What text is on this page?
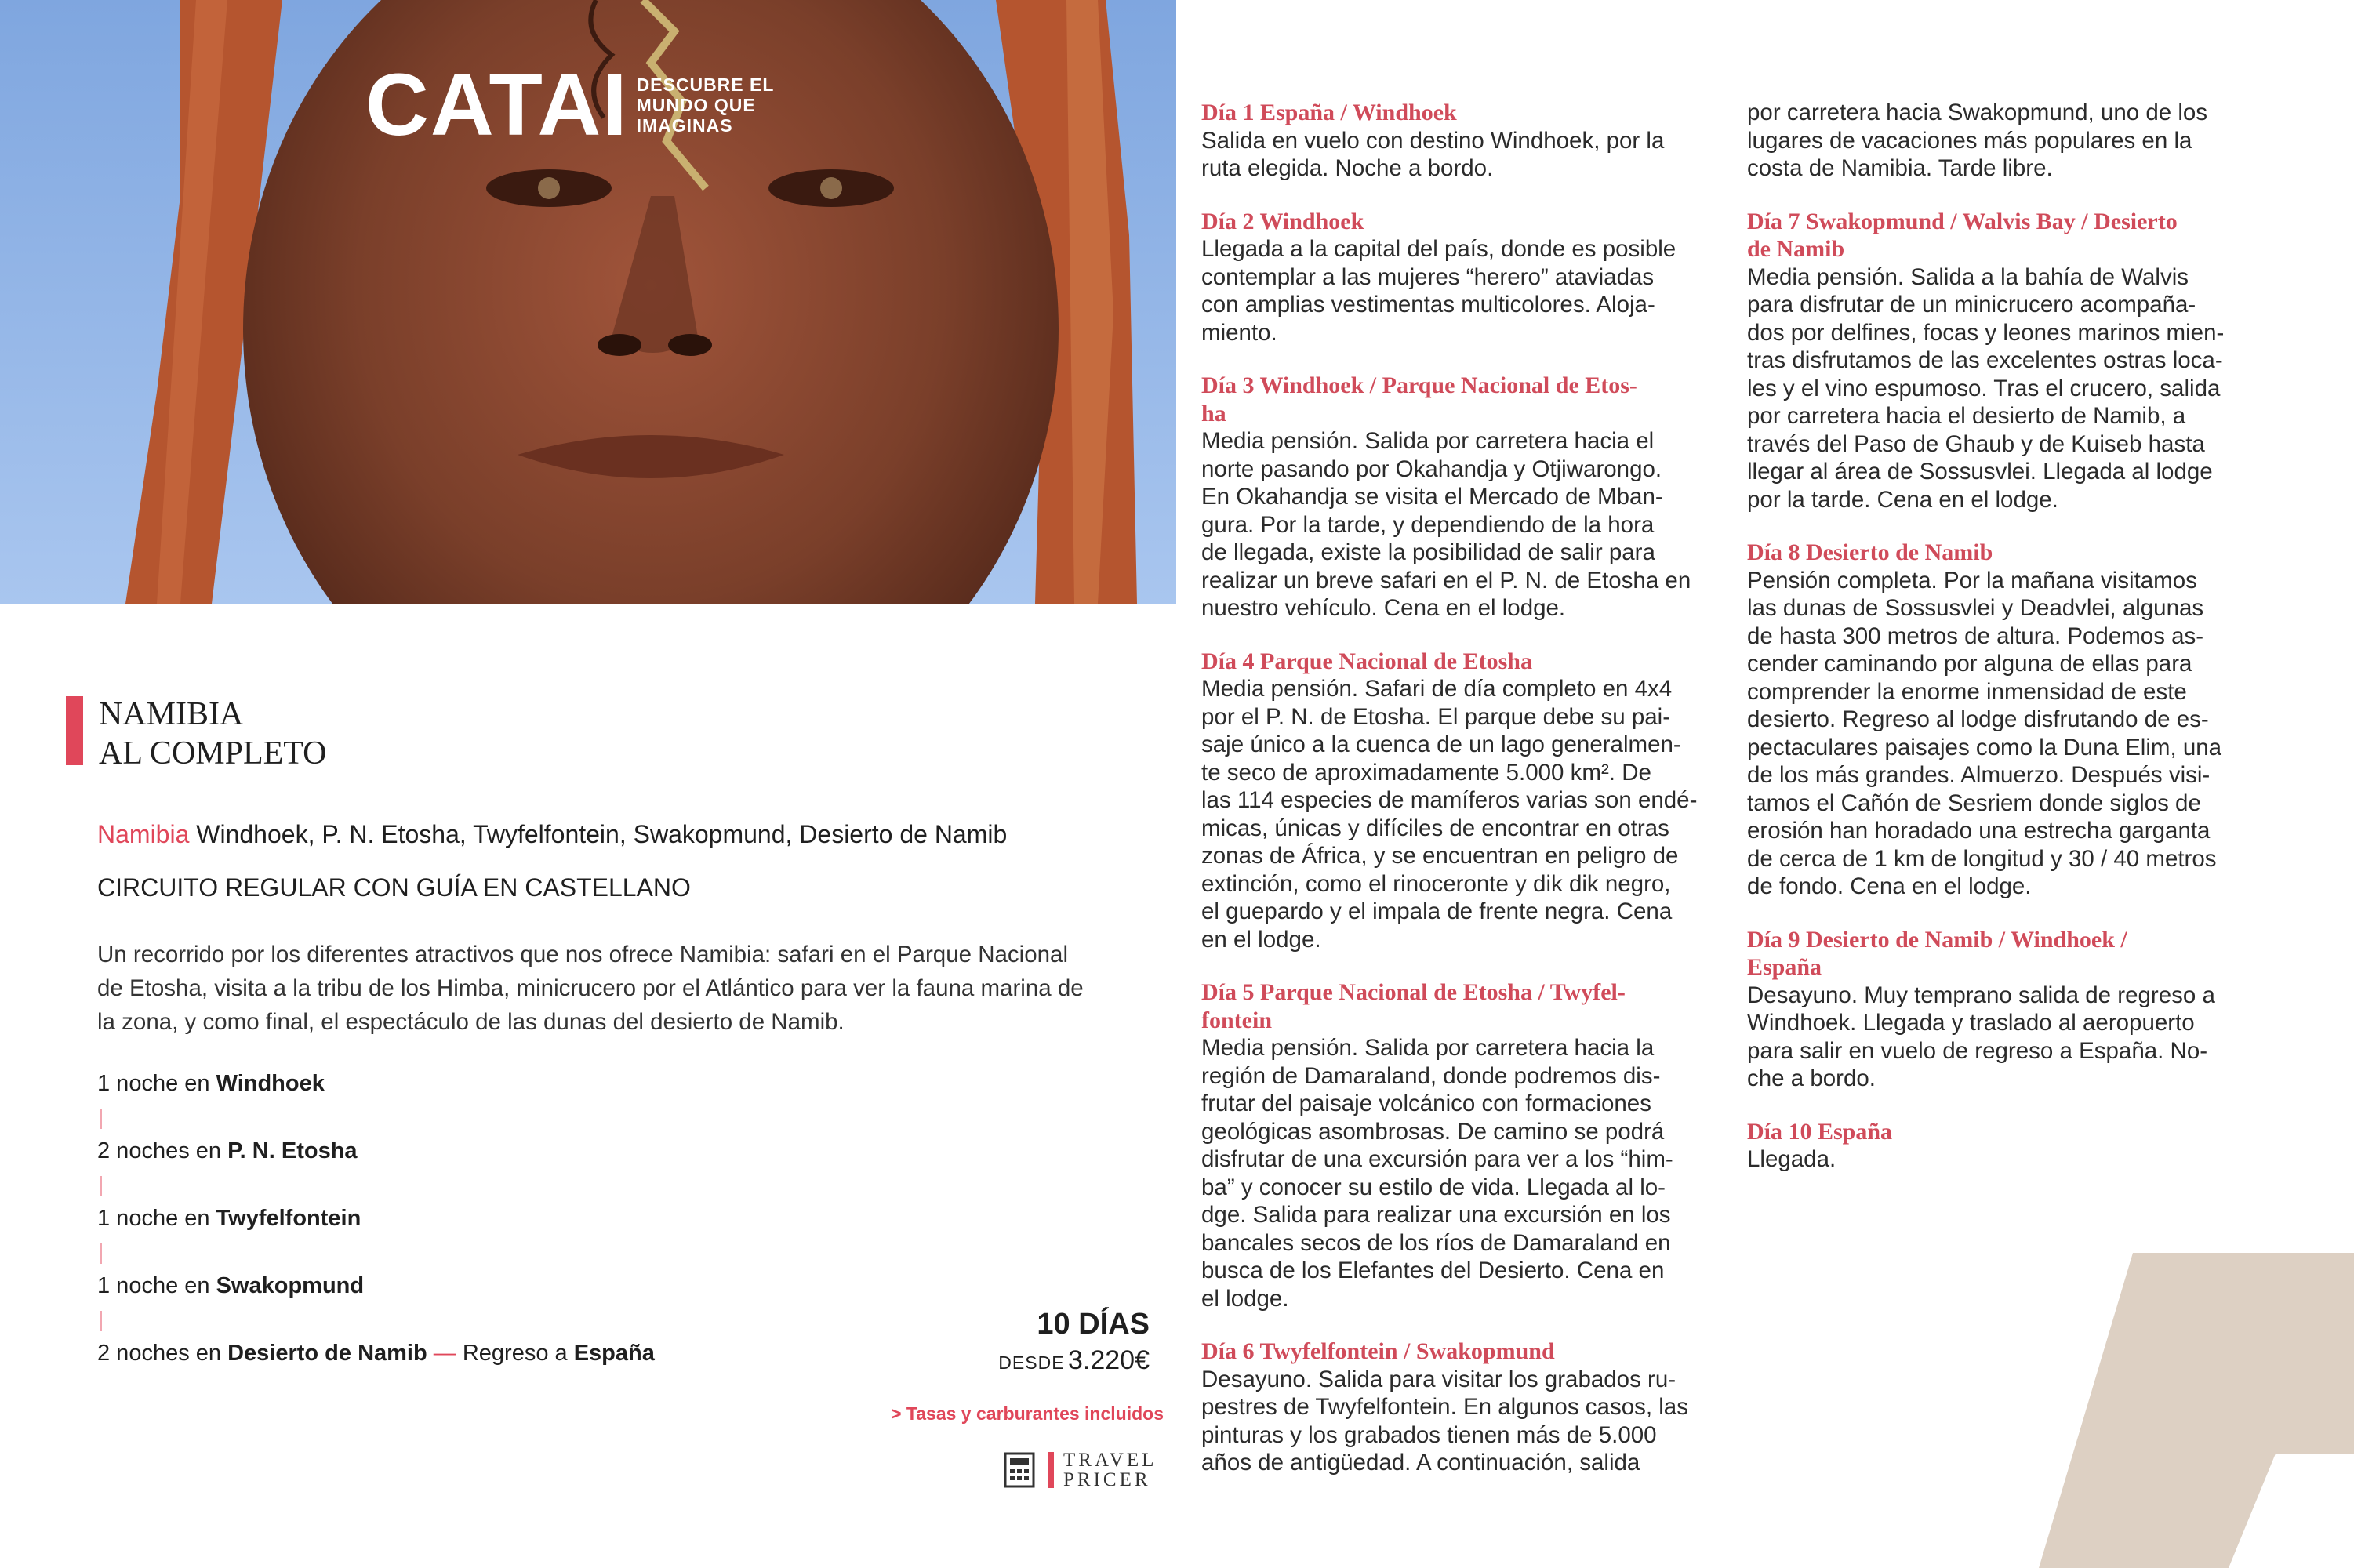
CATAI DESCUBRE EL
MUNDO QUE
IMAGINAS
NAMIBIA
AL COMPLETO
Namibia Windhoek, P. N. Etosha, Twyfelfontein, Swakopmund, Desierto de Namib
CIRCUITO REGULAR CON GUÍA EN CASTELLANO
Un recorrido por los diferentes atractivos que nos ofrece Namibia: safari en el Parque Nacional
de Etosha, visita a la tribu de los Himba, minicrucero por el Atlántico para ver la fauna marina de
la zona, y como final, el espectáculo de las dunas del desierto de Namib.
1 noche en Windhoek
2 noches en P. N. Etosha
1 noche en Twyfelfontein
1 noche en Swakopmund
2 noches en Desierto de Namib — Regreso a España
10 DÍAS
DESDE 3.220€
> Tasas y carburantes incluidos
TRAVEL
PRICER
Día 1 España / Windhoek
Salida en vuelo con destino Windhoek, por la
ruta elegida. Noche a bordo.
Día 2 Windhoek
Llegada a la capital del país, donde es posible
contemplar a las mujeres “herero” ataviadas
con amplias vestimentas multicolores. Aloja-
miento.
Día 3 Windhoek / Parque Nacional de Etos-
ha
Media pensión. Salida por carretera hacia el
norte pasando por Okahandja y Otjiwarongo.
En Okahandja se visita el Mercado de Mban-
gura. Por la tarde, y dependiendo de la hora
de llegada, existe la posibilidad de salir para
realizar un breve safari en el P. N. de Etosha en
nuestro vehículo. Cena en el lodge.
Día 4 Parque Nacional de Etosha
Media pensión. Safari de día completo en 4x4
por el P. N. de Etosha. El parque debe su pai-
saje único a la cuenca de un lago generalmen-
te seco de aproximadamente 5.000 km². De
las 114 especies de mamíferos varias son endé-
micas, únicas y difíciles de encontrar en otras
zonas de África, y se encuentran en peligro de
extinción, como el rinoceronte y dik dik negro,
el guepardo y el impala de frente negra. Cena
en el lodge.
Día 5 Parque Nacional de Etosha / Twyfel-
fontein
Media pensión. Salida por carretera hacia la
región de Damaraland, donde podremos dis-
frutar del paisaje volcánico con formaciones
geológicas asombrosas. De camino se podrá
disfrutar de una excursión para ver a los “him-
ba” y conocer su estilo de vida. Llegada al lo-
dge. Salida para realizar una excursión en los
bancales secos de los ríos de Damaraland en
busca de los Elefantes del Desierto. Cena en
el lodge.
Día 6 Twyfelfontein / Swakopmund
Desayuno. Salida para visitar los grabados ru-
pestres de Twyfelfontein. En algunos casos, las
pinturas y los grabados tienen más de 5.000
años de antigüedad. A continuación, salida
por carretera hacia Swakopmund, uno de los
lugares de vacaciones más populares en la
costa de Namibia. Tarde libre.
Día 7 Swakopmund / Walvis Bay / Desierto
de Namib
Media pensión. Salida a la bahía de Walvis
para disfrutar de un minicrucero acompaña-
dos por delfines, focas y leones marinos mien-
tras disfrutamos de las excelentes ostras loca-
les y el vino espumoso. Tras el crucero, salida
por carretera hacia el desierto de Namib, a
través del Paso de Ghaub y de Kuiseb hasta
llegar al área de Sossusvlei. Llegada al lodge
por la tarde. Cena en el lodge.
Día 8 Desierto de Namib
Pensión completa. Por la mañana visitamos
las dunas de Sossusvlei y Deadvlei, algunas
de hasta 300 metros de altura. Podemos as-
cender caminando por alguna de ellas para
comprender la enorme inmensidad de este
desierto. Regreso al lodge disfrutando de es-
pectaculares paisajes como la Duna Elim, una
de los más grandes. Almuerzo. Después visi-
tamos el Cañón de Sesriem donde siglos de
erosión han horadado una estrecha garganta
de cerca de 1 km de longitud y 30 / 40 metros
de fondo. Cena en el lodge.
Día 9 Desierto de Namib / Windhoek /
España
Desayuno. Muy temprano salida de regreso a
Windhoek. Llegada y traslado al aeropuerto
para salir en vuelo de regreso a España. No-
che a bordo.
Día 10 España
Llegada.
